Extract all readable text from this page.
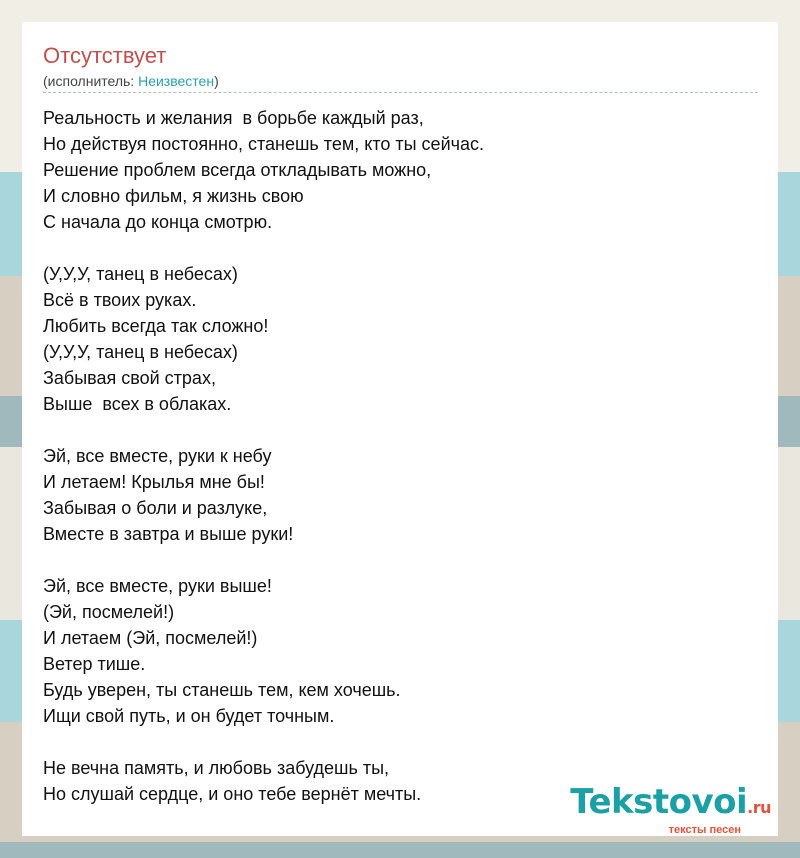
Отсутствует
(исполнитель: Неизвестен)
Реальность и желания  в борьбе каждый раз,
Но действуя постоянно, станешь тем, кто ты сейчас.
Решение проблем всегда откладывать можно,
И словно фильм, я жизнь свою
С начала до конца смотрю.
(У,У,У, танец в небесах)
Всё в твоих руках.
Любить всегда так сложно!
(У,У,У, танец в небесах)
Забывая свой страх,
Выше  всех в облаках.
Эй, все вместе, руки к небу
И летаем! Крылья мне бы!
Забывая о боли и разлуке,
Вместе в завтра и выше руки!
Эй, все вместе, руки выше!
(Эй, посмелей!)
И летаем (Эй, посмелей!)
Ветер тише.
Будь уверен, ты станешь тем, кем хочешь.
Ищи свой путь, и он будет точным.
Не вечна память, и любовь забудешь ты,
Но слушай сердце, и оно тебе вернёт мечты.	Tekstovoi.ru
тексты песен
